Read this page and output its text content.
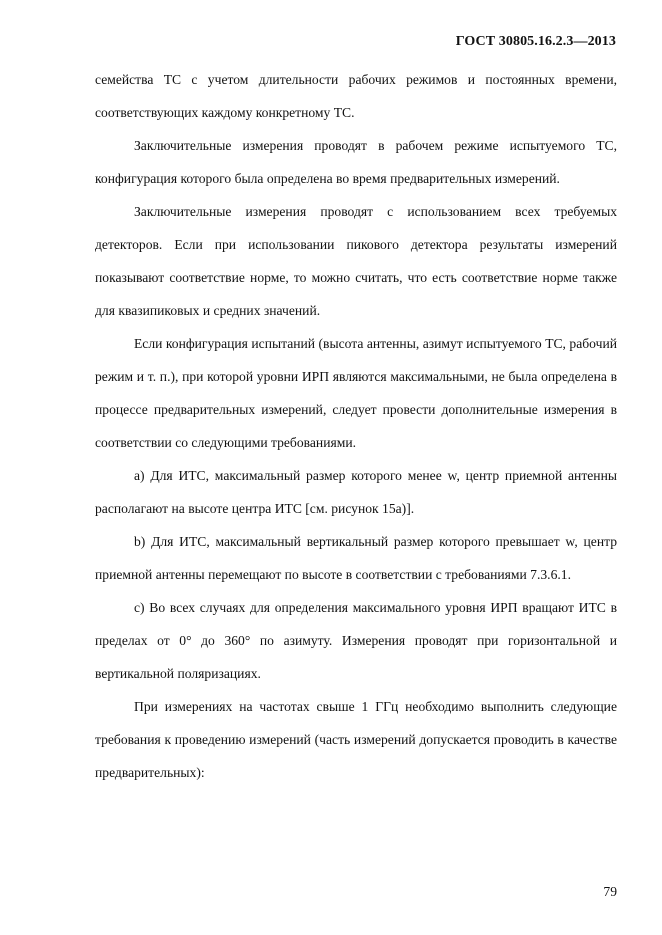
ГОСТ 30805.16.2.3—2013

семейства ТС с учетом длительности рабочих режимов и постоянных времени, соответствующих каждому конкретному ТС.

Заключительные измерения проводят в рабочем режиме испытуемого ТС, конфигурация которого была определена во время предварительных измерений.

Заключительные измерения проводят с использованием всех требуемых детекторов. Если при использовании пикового детектора результаты измерений показывают соответствие норме, то можно считать, что есть соответствие норме также для квазипиковых и средних значений.

Если конфигурация испытаний (высота антенны, азимут испытуемого ТС, рабочий режим и т. п.), при которой уровни ИРП являются максимальными, не была определена в процессе предварительных измерений, следует провести дополнительные измерения в соответствии со следующими требованиями.

а) Для ИТС, максимальный размер которого менее w, центр приемной антенны располагают на высоте центра ИТС [см. рисунок 15а)].

b) Для ИТС, максимальный вертикальный размер которого превышает w, центр приемной антенны перемещают по высоте в соответствии с требованиями 7.3.6.1.

с) Во всех случаях для определения максимального уровня ИРП вращают ИТС в пределах от 0° до 360° по азимуту. Измерения проводят при горизонтальной и вертикальной поляризациях.

При измерениях на частотах свыше 1 ГГц необходимо выполнить следующие требования к проведению измерений (часть измерений допускается проводить в качестве предварительных):

79
